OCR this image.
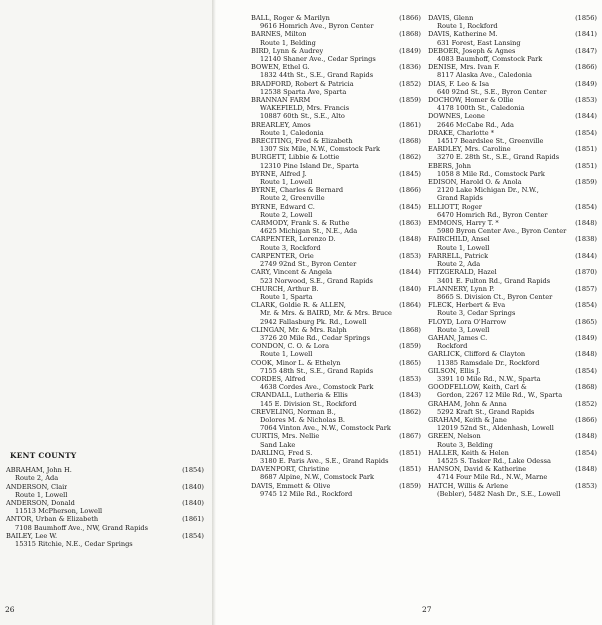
KENT COUNTY
ABRAHAM, John H.	(1854)
Route 2, Ada
ANDERSON, Clair	(1840)
Route 1, Lowell
ANDERSON, Donald	(1840)
11513 McPherson, Lowell
ANTOR, Urban & Elizabeth	(1861)
7108 Baumhoff Ave., NW, Grand Rapids
BAILEY, Lee W.	(1854)
15315 Ritchie, N.E., Cedar Springs
BALL, Roger & Marilyn	(1866)
9616 Homrich Ave., Byron Center
BARNES, Milton	(1868)
Route 1, Belding
BIRD, Lynn & Audrey	(1849)
12140 Shaner Ave., Cedar Springs
BOWEN, Ethel G.	(1836)
1832 44th St., S.E., Grand Rapids
BRADFORD, Robert & Patricia	(1852)
12538 Sparta Ave, Sparta
BRANNAN FARM	(1859)
WAKEFIELD, Mrs. Francis
10887 60th St., S.E., Alto
BREARLEY, Amos	(1861)
Route 1, Caledonia
BRECITING, Fred & Elizabeth	(1868)
1307 Six Mile, N.W., Comstock Park
BURGETT, Libbie & Lottie	(1862)
12310 Pine Island Dr., Sparta
BYRNE, Alfred J.	(1845)
Route 1, Lowell
BYRNE, Charles & Bernard	(1866)
Route 2, Greenville
BYRNE, Edward C.	(1845)
Route 2, Lowell
CARMODY, Frank S. & Ruthe	(1863)
4625 Michigan St., N.E., Ada
CARPENTER, Lorenzo D.	(1848)
Route 3, Rockford
CARPENTER, Orie	(1853)
2749 92nd St., Byron Center
CARY, Vincent & Angela	(1844)
523 Norwood, S.E., Grand Rapids
CHURCH, Arthur B.	(1840)
Route 1, Sparta
CLARK, Goldie R. & ALLEN,	(1864)
Mr. & Mrs. & BAIRD, Mr. & Mrs. Bruce
2942 Fallasburg Pk. Rd., Lowell
CLINGAN, Mr. & Mrs. Ralph	(1868)
3726 20 Mile Rd., Cedar Springs
CONDON, C. O. & Lora	(1859)
Route 1, Lowell
COOK, Minor L. & Ethelyn	(1865)
7155 48th St., S.E., Grand Rapids
CORDES, Alfred	(1853)
4638 Cordes Ave., Comstock Park
CRANDALL, Lutheria & Ellis	(1843)
145 E. Division St., Rockford
CREVELING, Norman B.,	(1862)
Dolores M. & Nicholas B.
7064 Vinton Ave., N.W., Comstock Park
CURTIS, Mrs. Nellie	(1867)
Sand Lake
DARLING, Fred S.	(1851)
3180 E. Paris Ave., S.E., Grand Rapids
DAVENPORT, Christine	(1851)
8687 Alpine, N.W., Comstock Park
DAVIS, Emmett & Olive	(1859)
9745 12 Mile Rd., Rockford
DAVIS, Glenn	(1856)
Route 1, Rockford
DAVIS, Katherine M.	(1841)
631 Forest, East Lansing
DEBOER, Joseph & Agnes	(1847)
4083 Baumhoff, Comstock Park
DENISE, Mrs. Ivan F.	(1866)
8117 Alaska Ave., Caledonia
DIAS, F. Leo & Isa	(1849)
640 92nd St., S.E., Byron Center
DOCHOW, Homer & Ollie	(1853)
4178 100th St., Caledonia
DOWNES, Leone	(1844)
2646 McCabe Rd., Ada
DRAKE, Charlotte *	(1854)
14517 Beardslee St., Greenville
EARDLEY, Mrs. Caroline	(1851)
3270 E. 28th St., S.E., Grand Rapids
EBERS, John	(1851)
1058 8 Mile Rd., Comstock Park
EDISON, Harold O. & Anola	(1859)
2120 Lake Michigan Dr., N.W.,
Grand Rapids
ELLIOTT, Roger	(1854)
6470 Homrich Rd., Byron Center
EMMONS, Harry T. *	(1848)
5980 Byron Center Ave., Byron Center
FAIRCHILD, Ansel	(1838)
Route 1, Lowell
FARRELL, Patrick	(1844)
Route 2, Ada
FITZGERALD, Hazel	(1870)
3401 E. Fulton Rd., Grand Rapids
FLANNERY, Lynn P.	(1857)
8665 S. Division Ct., Byron Center
FLECK, Herbert & Eva	(1854)
Route 3, Cedar Springs
FLOYD, Lora O'Harrow	(1865)
Route 3, Lowell
GAHAN, James C.	(1849)
Rockford
GARLICK, Clifford & Clayton	(1848)
11385 Ramsdale Dr., Rockford
GILSON, Ellis J.	(1854)
3391 10 Mile Rd., N.W., Sparta
GOODFELLOW, Keith, Carl &	(1868)
Gordon, 2267 12 Mile Rd., W., Sparta
GRAHAM, John & Anna	(1852)
5292 Kraft St., Grand Rapids
GRAHAM, Keith & Jane	(1866)
12019 52nd St., Aldenhash, Lowell
GREEN, Nelson	(1848)
Route 3, Belding
HALLER, Keith & Helen	(1854)
14525 S. Tasker Rd., Lake Odessa
HANSON, David & Katherine	(1848)
4714 Four Mile Rd., N.W., Marne
HATCH, Willis & Arlene	(1853)
(Bebler), 5482 Nash Dr., S.E., Lowell
26	27
